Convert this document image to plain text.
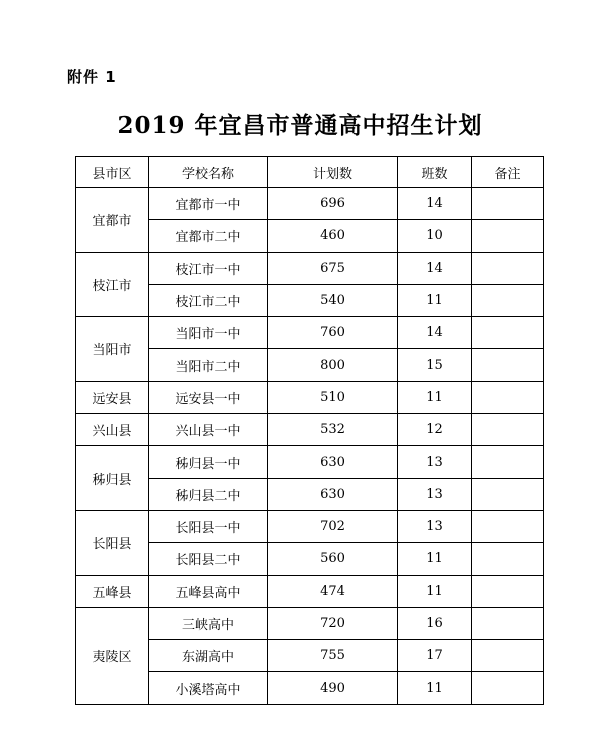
附件 1
2019 年宜昌市普通高中招生计划
县市区	学校名称	计划数	班数	备注
宜都市	宜都市一中	696	14	
	宜都市二中	460	10	
枝江市	枝江市一中	675	14	
	枝江市二中	540	11	
当阳市	当阳市一中	760	14	
	当阳市二中	800	15	
远安县	远安县一中	510	11	
兴山县	兴山县一中	532	12	
秭归县	秭归县一中	630	13	
	秭归县二中	630	13	
长阳县	长阳县一中	702	13	
	长阳县二中	560	11	
五峰县	五峰县高中	474	11	
夷陵区	三峡高中	720	16	
	东湖高中	755	17	
	小溪塔高中	490	11	
